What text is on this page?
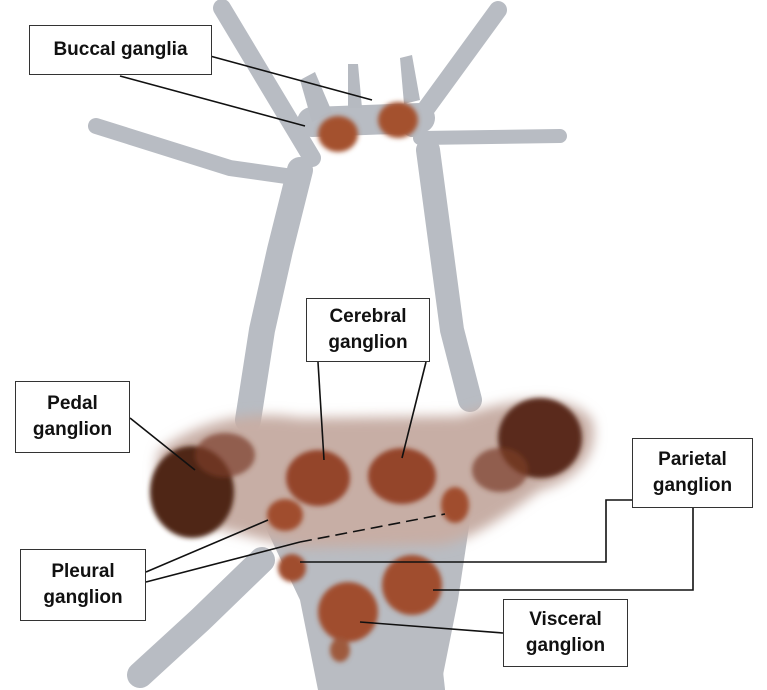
Buccal ganglia
Cerebral
ganglion
Pedal
ganglion
Parietal
ganglion
Pleural
ganglion
Visceral
ganglion
